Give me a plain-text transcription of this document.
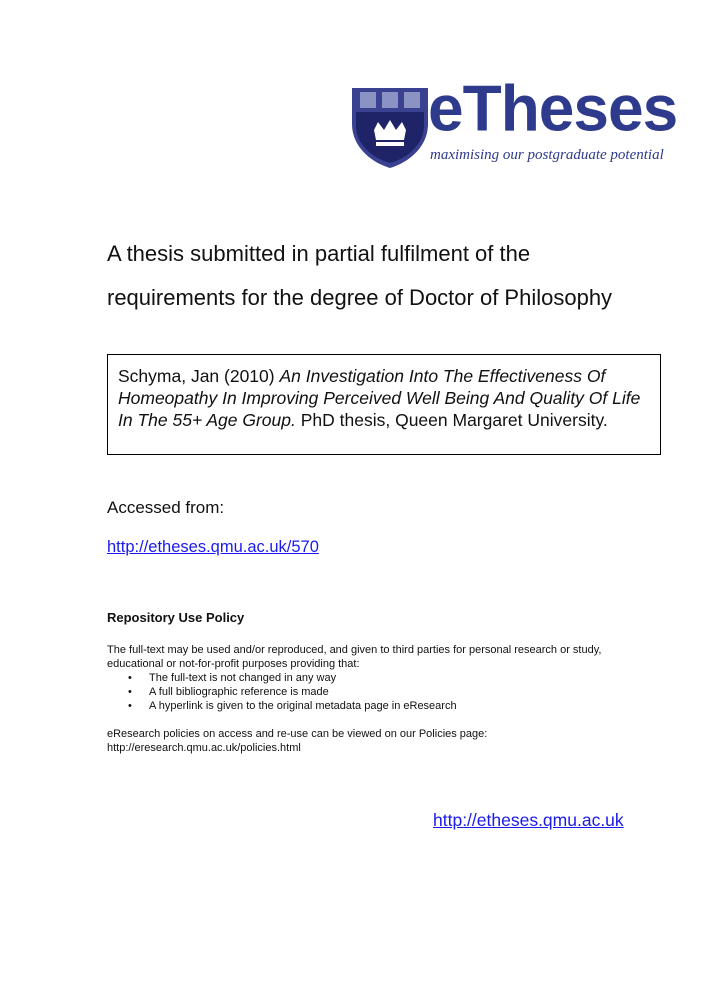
eTheses
maximising our postgraduate potential
A thesis submitted in partial fulfilment of the
requirements for the degree of Doctor of Philosophy
Schyma, Jan (2010) An Investigation Into The Effectiveness Of Homeopathy In Improving Perceived Well Being And Quality Of Life In The 55+ Age Group. PhD thesis, Queen Margaret University.
Accessed from:
http://etheses.qmu.ac.uk/570
Repository Use Policy
The full-text may be used and/or reproduced, and given to third parties for personal research or study, educational or not-for-profit purposes providing that:
• The full-text is not changed in any way
• A full bibliographic reference is made
• A hyperlink is given to the original metadata page in eResearch
eResearch policies on access and re-use can be viewed on our Policies page:
http://eresearch.qmu.ac.uk/policies.html
http://etheses.qmu.ac.uk
